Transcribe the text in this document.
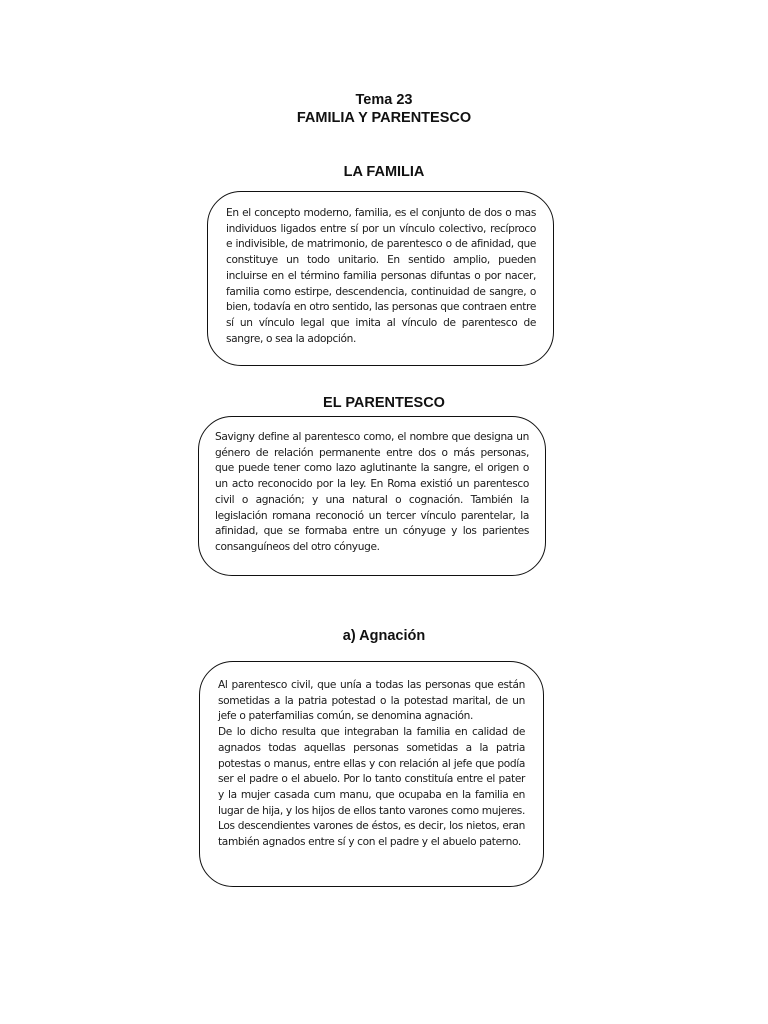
Tema 23
FAMILIA Y PARENTESCO
LA FAMILIA
En el concepto moderno, familia, es el conjunto de dos o mas individuos ligados entre sí por un vínculo colectivo, recíproco e indivisible, de matrimonio, de parentesco o de afinidad, que constituye un todo unitario. En sentido amplio, pueden incluirse en el término familia personas difuntas o por nacer, familia como estirpe, descendencia, continuidad de sangre, o bien, todavía en otro sentido, las personas que contraen entre sí un vínculo legal que imita al vínculo de parentesco de sangre, o sea la adopción.
EL PARENTESCO
Savigny define al parentesco como, el nombre que designa un género de relación permanente entre dos o más personas, que puede tener como lazo aglutinante la sangre, el origen o un acto reconocido por la ley. En Roma existió un parentesco civil o agnación; y una natural o cognación. También la legislación romana reconoció un tercer vínculo parentelar, la afinidad, que se formaba entre un cónyuge y los parientes consanguíneos del otro cónyuge.
a) Agnación

Al parentesco civil, que unía a todas las personas que están sometidas a la patria potestad o la potestad marital, de un jefe o paterfamilias común, se denomina agnación.

De lo dicho resulta que integraban la familia en calidad de agnados todas aquellas personas sometidas a la patria potestas o manus, entre ellas y con relación al jefe que podía ser el padre o el abuelo. Por lo tanto constituía entre el pater y la mujer casada cum manu, que ocupaba en la familia en lugar de hija, y los hijos de ellos tanto varones como mujeres. Los descendientes varones de éstos, es decir, los nietos, eran también agnados entre sí y con el padre y el abuelo paterno.
